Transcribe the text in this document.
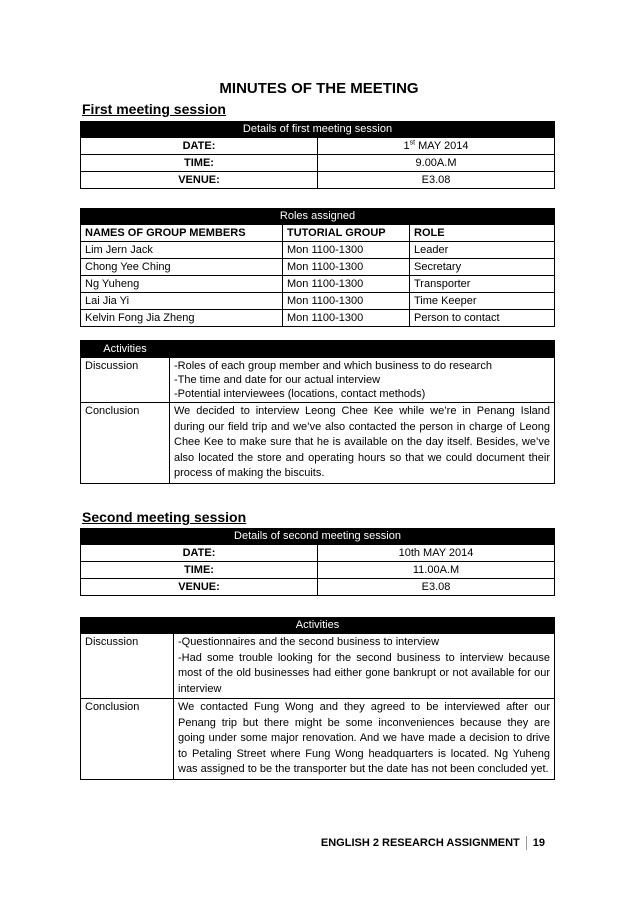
MINUTES OF THE MEETING
First meeting session
Details of first meeting session	
DATE:	1st MAY 2014
TIME:	9.00A.M
VENUE:	E3.08
Roles assigned		
NAMES OF GROUP MEMBERS	TUTORIAL GROUP	ROLE
Lim Jern Jack	Mon 1100-1300	Leader
Chong Yee Ching	Mon 1100-1300	Secretary
Ng Yuheng	Mon 1100-1300	Transporter
Lai Jia Yi	Mon 1100-1300	Time Keeper
Kelvin Fong Jia Zheng	Mon 1100-1300	Person to contact
Activities	
Discussion	-Roles of each group member and which business to do research
-The time and date for our actual interview
-Potential interviewees (locations, contact methods)

Conclusion	We decided to interview Leong Chee Kee while we’re in Penang Island during our field trip and we’ve also contacted the person in charge of Leong Chee Kee to make sure that he is available on the day itself. Besides, we’ve also located the store and operating hours so that we could document their process of making the biscuits.
Second meeting session
Details of second meeting session	
DATE:	10th MAY 2014
TIME:	11.00A.M
VENUE:	E3.08
Activities	
Discussion	-Questionnaires and the second business to interview
-Had some trouble looking for the second business to interview because most of the old businesses had either gone bankrupt or not available for our interview

Conclusion	We contacted Fung Wong and they agreed to be interviewed after our Penang trip but there might be some inconveniences because they are going under some major renovation. And we have made a decision to drive to Petaling Street where Fung Wong headquarters is located. Ng Yuheng was assigned to be the transporter but the date has not been concluded yet.
ENGLISH 2 RESEARCH ASSIGNMENT 19
